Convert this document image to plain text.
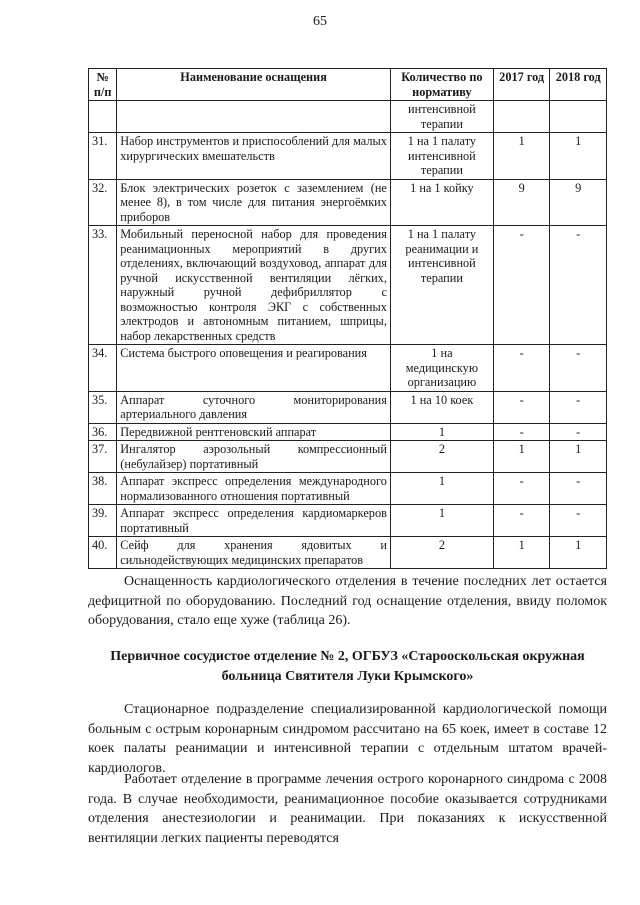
65
№ п/п	Наименование оснащения	Количество по нормативу	2017 год	2018 год
		интенсивной терапии		
31.	Набор инструментов и приспособлений для малых хирургических вмешательств	1 на 1 палату интенсивной терапии	1	1
32.	Блок электрических розеток с заземлением (не менее 8), в том числе для питания энергоёмких приборов	1 на 1 койку	9	9
33.	Мобильный переносной набор для проведения реанимационных мероприятий в других отделениях, включающий воздуховод, аппарат для ручной искусственной вентиляции лёгких, наружный ручной дефибриллятор с возможностью контроля ЭКГ с собственных электродов и автономным питанием, шприцы, набор лекарственных средств	1 на 1 палату реанимации и интенсивной терапии	-	-
34.	Система быстрого оповещения и реагирования	1 на медицинскую организацию	-	-
35.	Аппарат суточного мониторирования артериального давления	1 на 10 коек	-	-
36.	Передвижной рентгеновский аппарат	1	-	-
37.	Ингалятор аэрозольный компрессионный (небулайзер) портативный	2	1	1
38.	Аппарат экспресс определения международного нормализованного отношения портативный	1	-	-
39.	Аппарат экспресс определения кардиомаркеров портативный	1	-	-
40.	Сейф для хранения ядовитых и сильнодействующих медицинских препаратов	2	1	1
Оснащенность кардиологического отделения в течение последних лет остается дефицитной по оборудованию. Последний год оснащение отделения, ввиду поломок оборудования, стало еще хуже (таблица 26).
Первичное сосудистое отделение № 2, ОГБУЗ «Старооскольская окружная больница Святителя Луки Крымского»
Стационарное подразделение специализированной кардиологической помощи больным с острым коронарным синдромом рассчитано на 65 коек, имеет в составе 12 коек палаты реанимации и интенсивной терапии с отдельным штатом врачей-кардиологов.
Работает отделение в программе лечения острого коронарного синдрома с 2008 года. В случае необходимости, реанимационное пособие оказывается сотрудниками отделения анестезиологии и реанимации. При показаниях к искусственной вентиляции легких пациенты переводятся
